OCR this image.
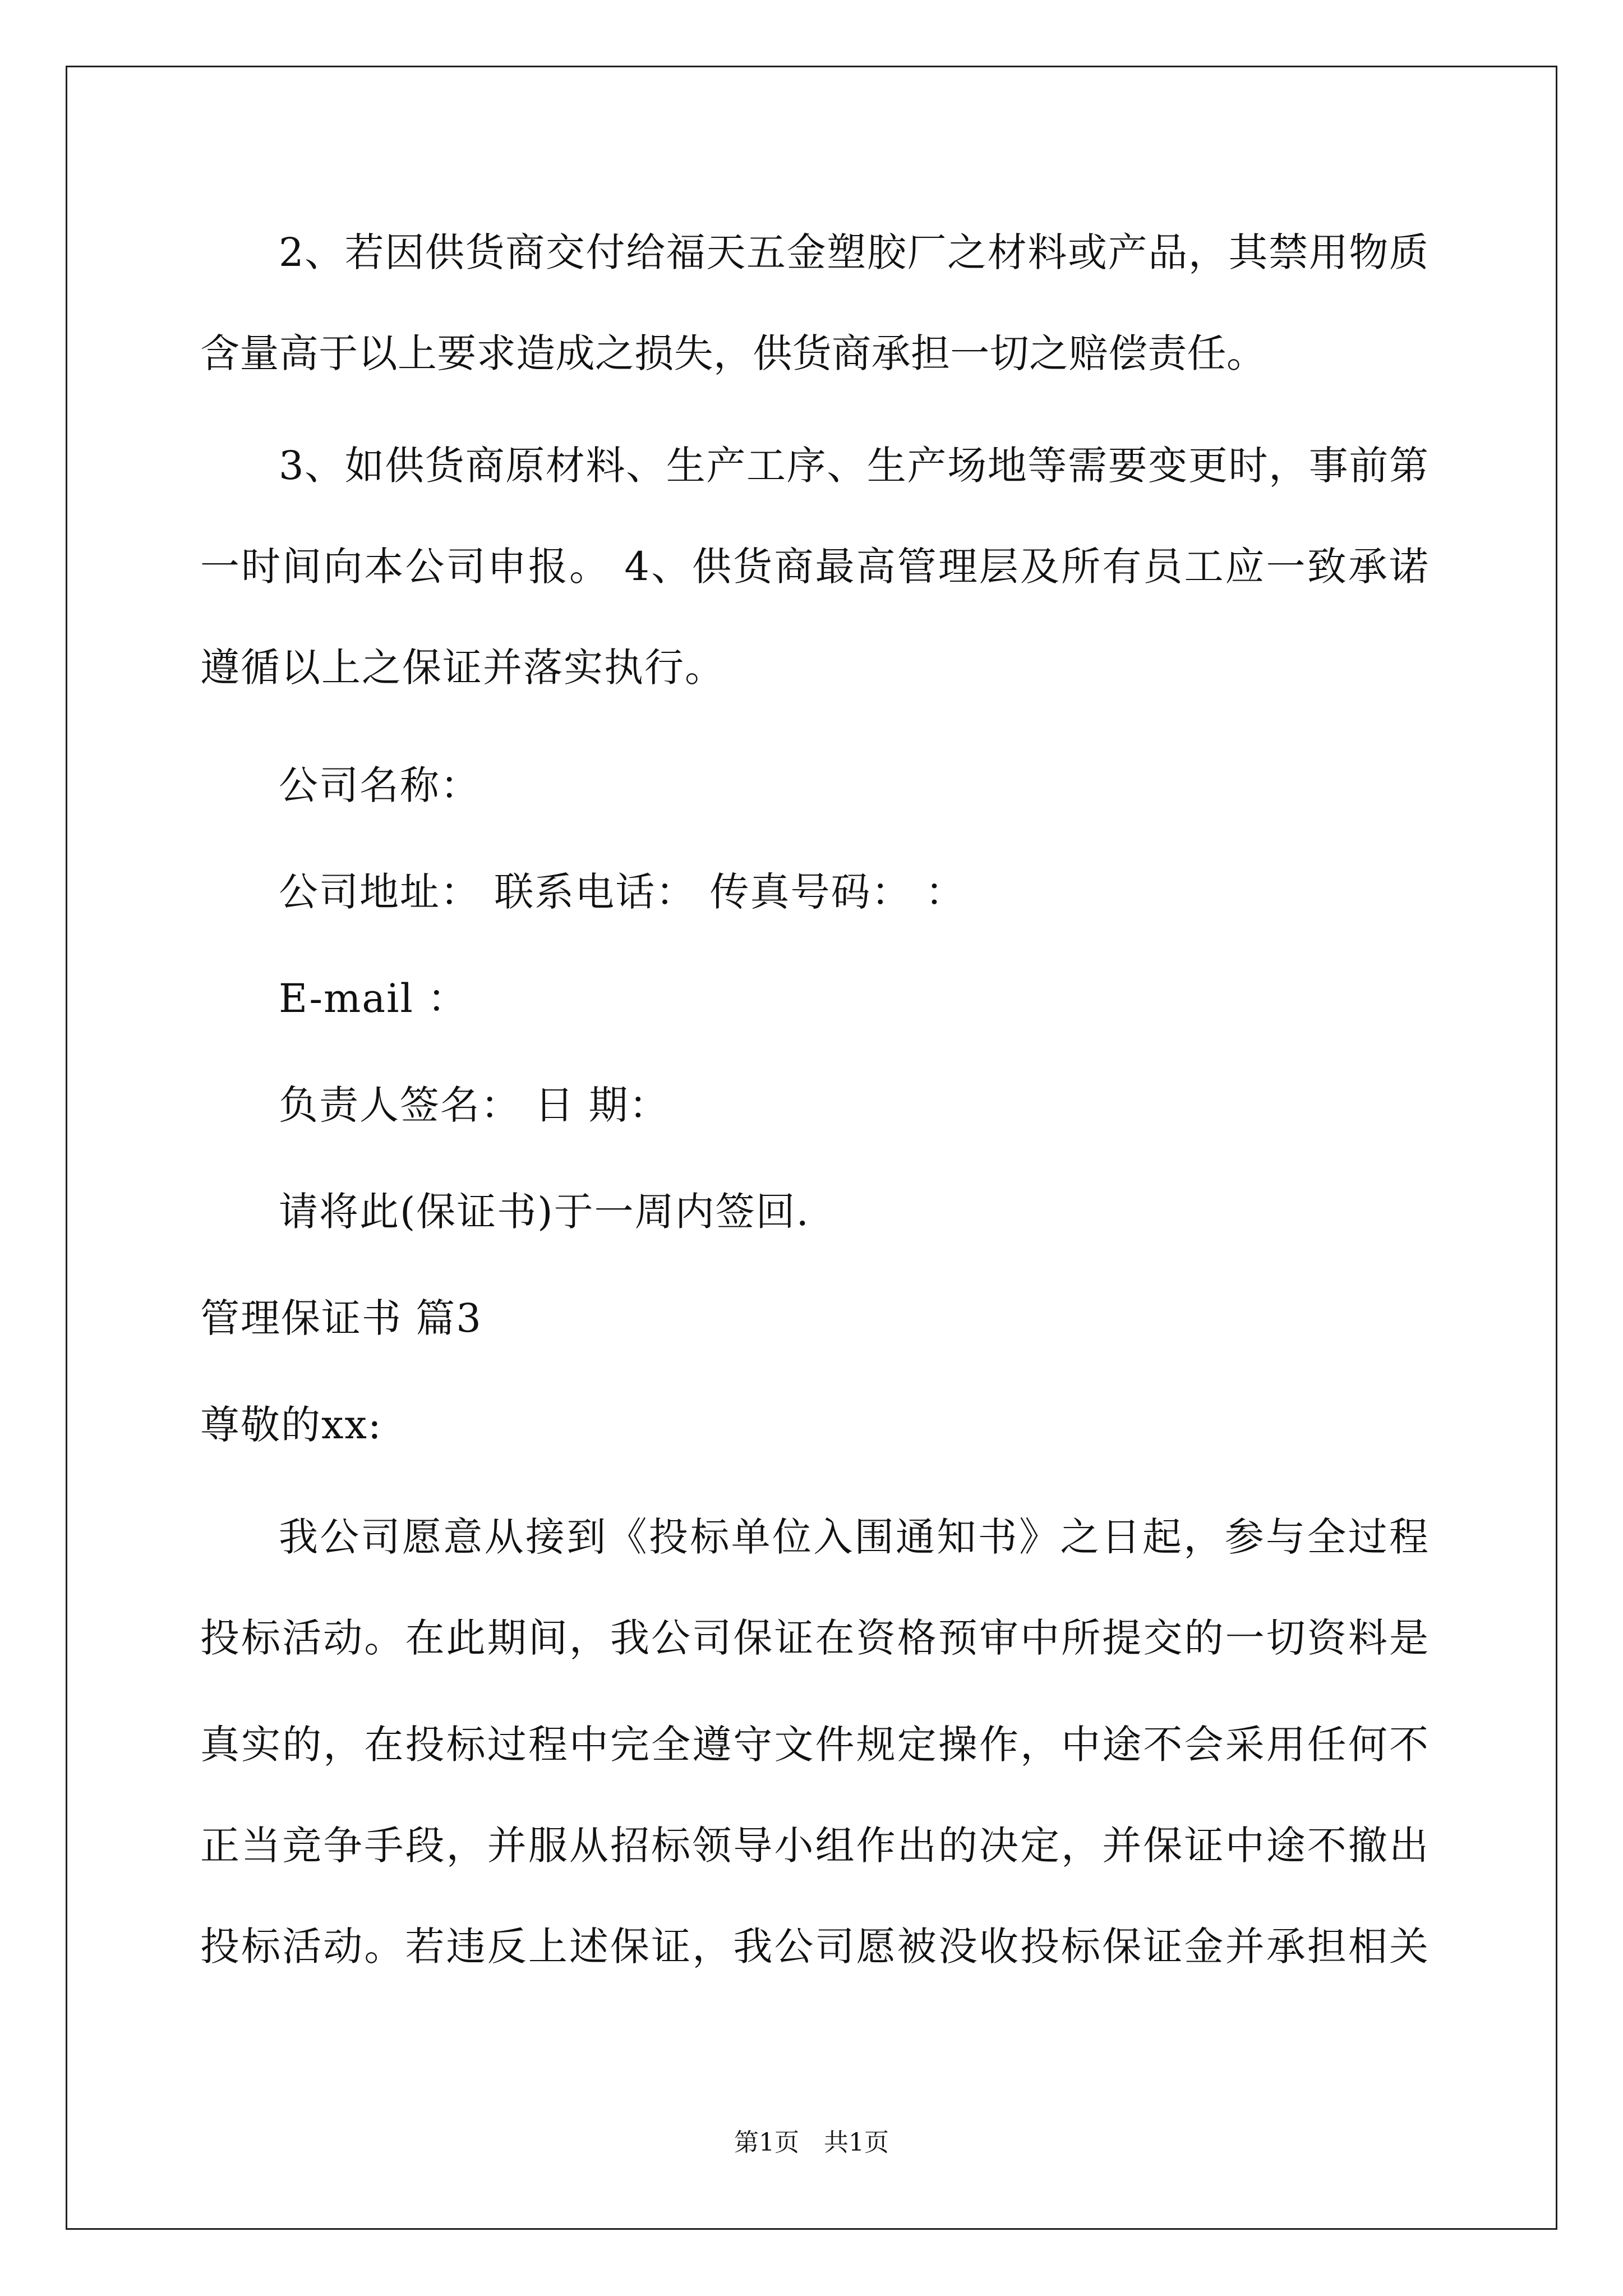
2、若因供货商交付给福天五金塑胶厂之材料或产品，其禁用物质
含量高于以上要求造成之损失，供货商承担一切之赔偿责任。
3、如供货商原材料、生产工序、生产场地等需要变更时，事前第
一时间向本公司申报。 4、供货商最高管理层及所有员工应一致承诺
遵循以上之保证并落实执行。
公司名称：
公司地址： 联系电话： 传真号码： ：
E-mail ：
负责人签名： 日 期：
请将此(保证书)于一周内签回.
管理保证书 篇3
尊敬的xx:
我公司愿意从接到《投标单位入围通知书》之日起，参与全过程
投标活动。在此期间，我公司保证在资格预审中所提交的一切资料是
真实的，在投标过程中完全遵守文件规定操作，中途不会采用任何不
正当竞争手段，并服从招标领导小组作出的决定，并保证中途不撤出
投标活动。若违反上述保证，我公司愿被没收投标保证金并承担相关
第1页　共1页
